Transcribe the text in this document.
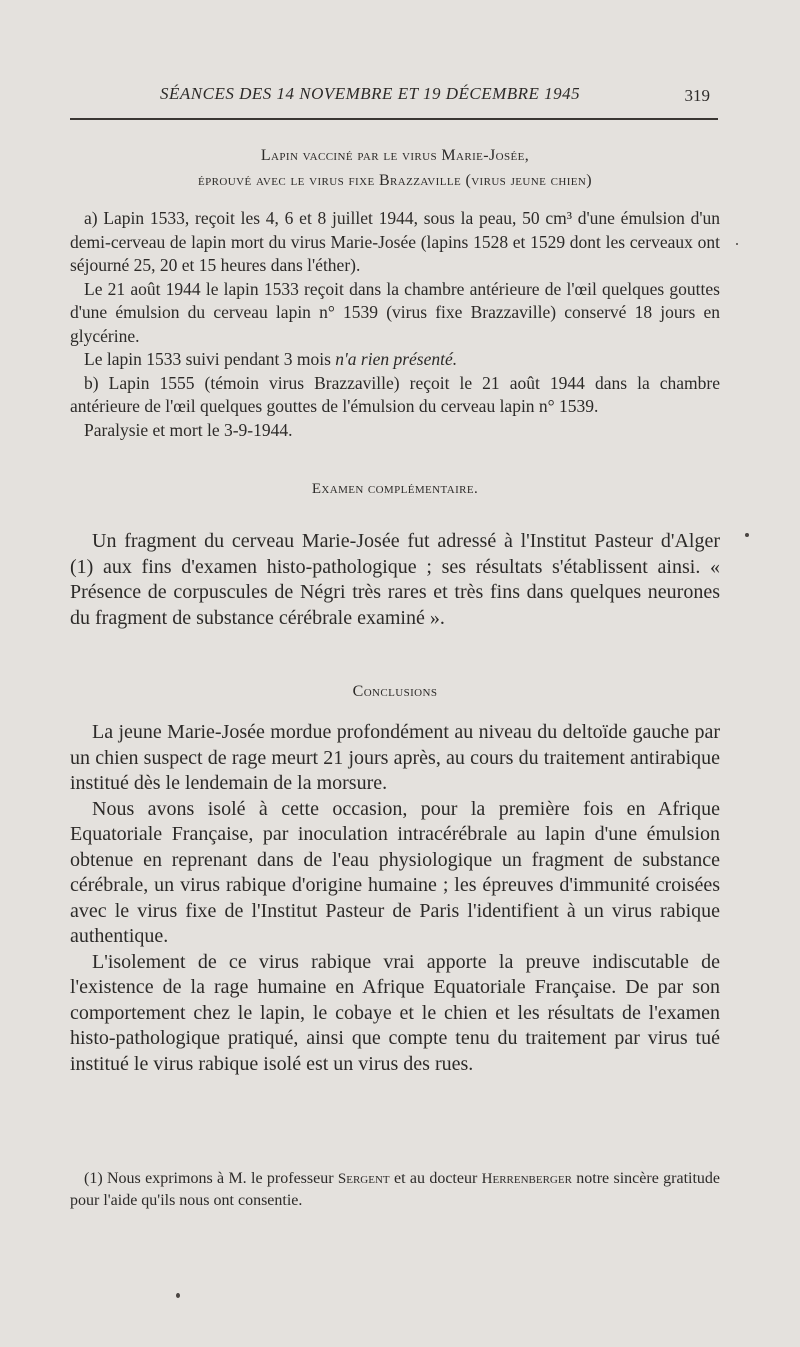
SÉANCES DES 14 NOVEMBRE ET 19 DÉCEMBRE 1945	319
Lapin vacciné par le virus Marie-Josée,
éprouvé avec le virus fixe Brazzaville (virus jeune chien)

a) Lapin 1533, reçoit les 4, 6 et 8 juillet 1944, sous la peau, 50 cm³ d'une émulsion d'un demi-cerveau de lapin mort du virus Marie-Josée (lapins 1528 et 1529 dont les cerveaux ont séjourné 25, 20 et 15 heures dans l'éther).

Le 21 août 1944 le lapin 1533 reçoit dans la chambre antérieure de l'œil quelques gouttes d'une émulsion du cerveau lapin n° 1539 (virus fixe Brazzaville) conservé 18 jours en glycérine.

Le lapin 1533 suivi pendant 3 mois n'a rien présenté.

b) Lapin 1555 (témoin virus Brazzaville) reçoit le 21 août 1944 dans la chambre antérieure de l'œil quelques gouttes de l'émulsion du cerveau lapin n° 1539.

Paralysie et mort le 3-9-1944.

Examen complémentaire.

Un fragment du cerveau Marie-Josée fut adressé à l'Institut Pasteur d'Alger (1) aux fins d'examen histo-pathologique ; ses résultats s'établissent ainsi. « Présence de corpuscules de Négri très rares et très fins dans quelques neurones du fragment de substance cérébrale examiné ».

Conclusions

La jeune Marie-Josée mordue profondément au niveau du deltoïde gauche par un chien suspect de rage meurt 21 jours après, au cours du traitement antirabique institué dès le lendemain de la morsure.

Nous avons isolé à cette occasion, pour la première fois en Afrique Equatoriale Française, par inoculation intracérébrale au lapin d'une émulsion obtenue en reprenant dans de l'eau physiologique un fragment de substance cérébrale, un virus rabique d'origine humaine ; les épreuves d'immunité croisées avec le virus fixe de l'Institut Pasteur de Paris l'identifient à un virus rabique authentique.

L'isolement de ce virus rabique vrai apporte la preuve indiscutable de l'existence de la rage humaine en Afrique Equatoriale Française. De par son comportement chez le lapin, le cobaye et le chien et les résultats de l'examen histo-pathologique pratiqué, ainsi que compte tenu du traitement par virus tué institué le virus rabique isolé est un virus des rues.

(1) Nous exprimons à M. le professeur Sergent et au docteur Herrenberger notre sincère gratitude pour l'aide qu'ils nous ont consentie.
